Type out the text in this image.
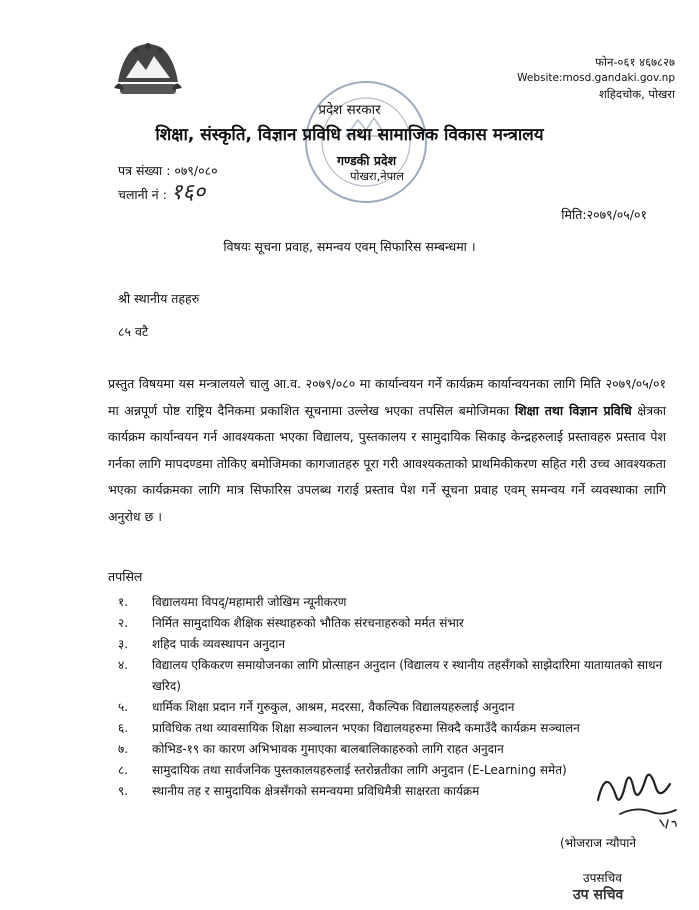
फोन-०६१ ४६७८२७
Website:mosd.gandaki.gov.np
शहिदचोक, पोखरा
प्रदेश सरकार
शिक्षा, संस्कृति, विज्ञान प्रविधि तथा सामाजिक विकास मन्त्रालय
गण्डकी प्रदेश
पोखरा,नेपाल
पत्र संख्या : ०७९/०८०
चलानी नं : १६०
मिति:२०७९/०५/०१
विषयः सूचना प्रवाह, समन्वय एवम् सिफारिस सम्बन्धमा ।
श्री स्थानीय तहहरु
८५ वटै
प्रस्तुत विषयमा यस मन्त्रालयले चालु आ.व. २०७९/०८० मा कार्यान्वयन गर्ने कार्यक्रम कार्यान्वयनका लागि मिति २०७९/०५/०१ मा अन्नपूर्ण पोष्ट राष्ट्रिय दैनिकमा प्रकाशित सूचनामा उल्लेख भएका तपसिल बमोजिमका शिक्षा तथा विज्ञान प्रविधि क्षेत्रका कार्यक्रम कार्यान्वयन गर्न आवश्यकता भएका विद्यालय, पुस्तकालय र सामुदायिक सिकाइ केन्द्रहरुलाई प्रस्तावहरु प्रस्ताव पेश गर्नका लागि मापदण्डमा तोकिए बमोजिमका कागजातहरु पूरा गरी आवश्यकताको प्राथमिकीकरण सहित गरी उच्च आवश्यकता भएका कार्यक्रमका लागि मात्र सिफारिस उपलब्ध गराई प्रस्ताव पेश गर्ने सूचना प्रवाह एवम् समन्वय गर्ने व्यवस्थाका लागि अनुरोध छ ।
तपसिल
१.	विद्यालयमा विपद्/महामारी जोखिम न्यूनीकरण
२.	निर्मित सामुदायिक शैक्षिक संस्थाहरुको भौतिक संरचनाहरुको मर्मत संभार
३.	शहिद पार्क व्यवस्थापन अनुदान
४.	विद्यालय एकिकरण समायोजनका लागि प्रोत्साहन अनुदान (विद्यालय र स्थानीय तहसँगको साझेदारिमा यातायातको साधन खरिद)
५.	धार्मिक शिक्षा प्रदान गर्ने गुरुकुल, आश्रम, मदरसा, वैकल्पिक विद्यालयहरुलाई अनुदान
६.	प्राविधिक तथा व्यावसायिक शिक्षा सञ्चालन भएका विद्यालयहरुमा सिक्दै कमाउँदै कार्यक्रम सञ्चालन
७.	कोभिड-१९ का कारण अभिभावक गुमाएका बालबालिकाहरुको लागि राहत अनुदान
८.	सामुदायिक तथा सार्वजनिक पुस्तकालयहरुलाई स्तरोन्नतीका लागि अनुदान (E-Learning समेत)
९.	स्थानीय तह र सामुदायिक क्षेत्रसँगको समन्वयमा प्रविधिमैत्री साक्षरता कार्यक्रम
(भोजराज न्यौपाने
उपसचिव
उप सचिव
